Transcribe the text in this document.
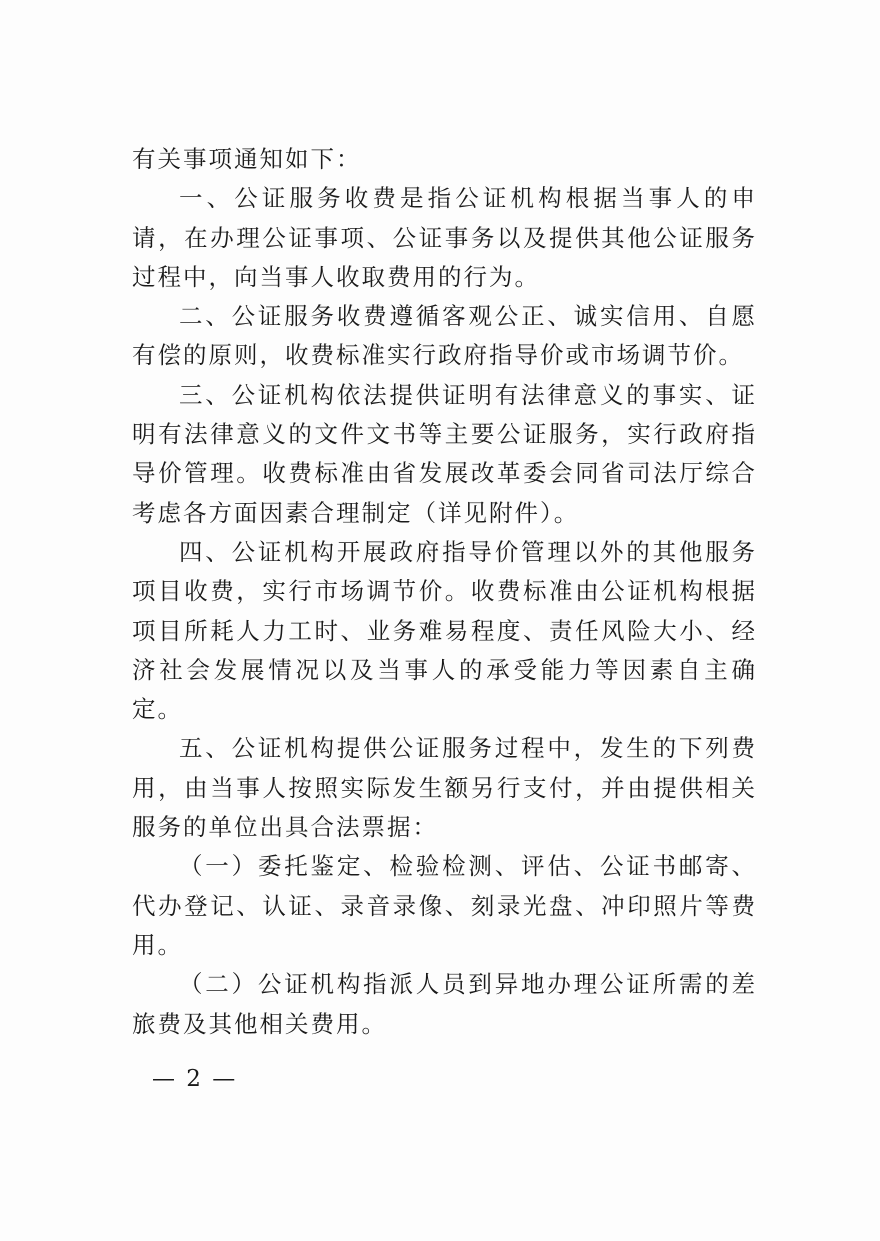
有关事项通知如下：

一、公证服务收费是指公证机构根据当事人的申请，在办理公证事项、公证事务以及提供其他公证服务过程中，向当事人收取费用的行为。

二、公证服务收费遵循客观公正、诚实信用、自愿有偿的原则，收费标准实行政府指导价或市场调节价。

三、公证机构依法提供证明有法律意义的事实、证明有法律意义的文件文书等主要公证服务，实行政府指导价管理。收费标准由省发展改革委会同省司法厅综合考虑各方面因素合理制定（详见附件）。

四、公证机构开展政府指导价管理以外的其他服务项目收费，实行市场调节价。收费标准由公证机构根据项目所耗人力工时、业务难易程度、责任风险大小、经济社会发展情况以及当事人的承受能力等因素自主确定。

五、公证机构提供公证服务过程中，发生的下列费用，由当事人按照实际发生额另行支付，并由提供相关服务的单位出具合法票据：

（一）委托鉴定、检验检测、评估、公证书邮寄、代办登记、认证、录音录像、刻录光盘、冲印照片等费用。

（二）公证机构指派人员到异地办理公证所需的差旅费及其他相关费用。

— 2 —
